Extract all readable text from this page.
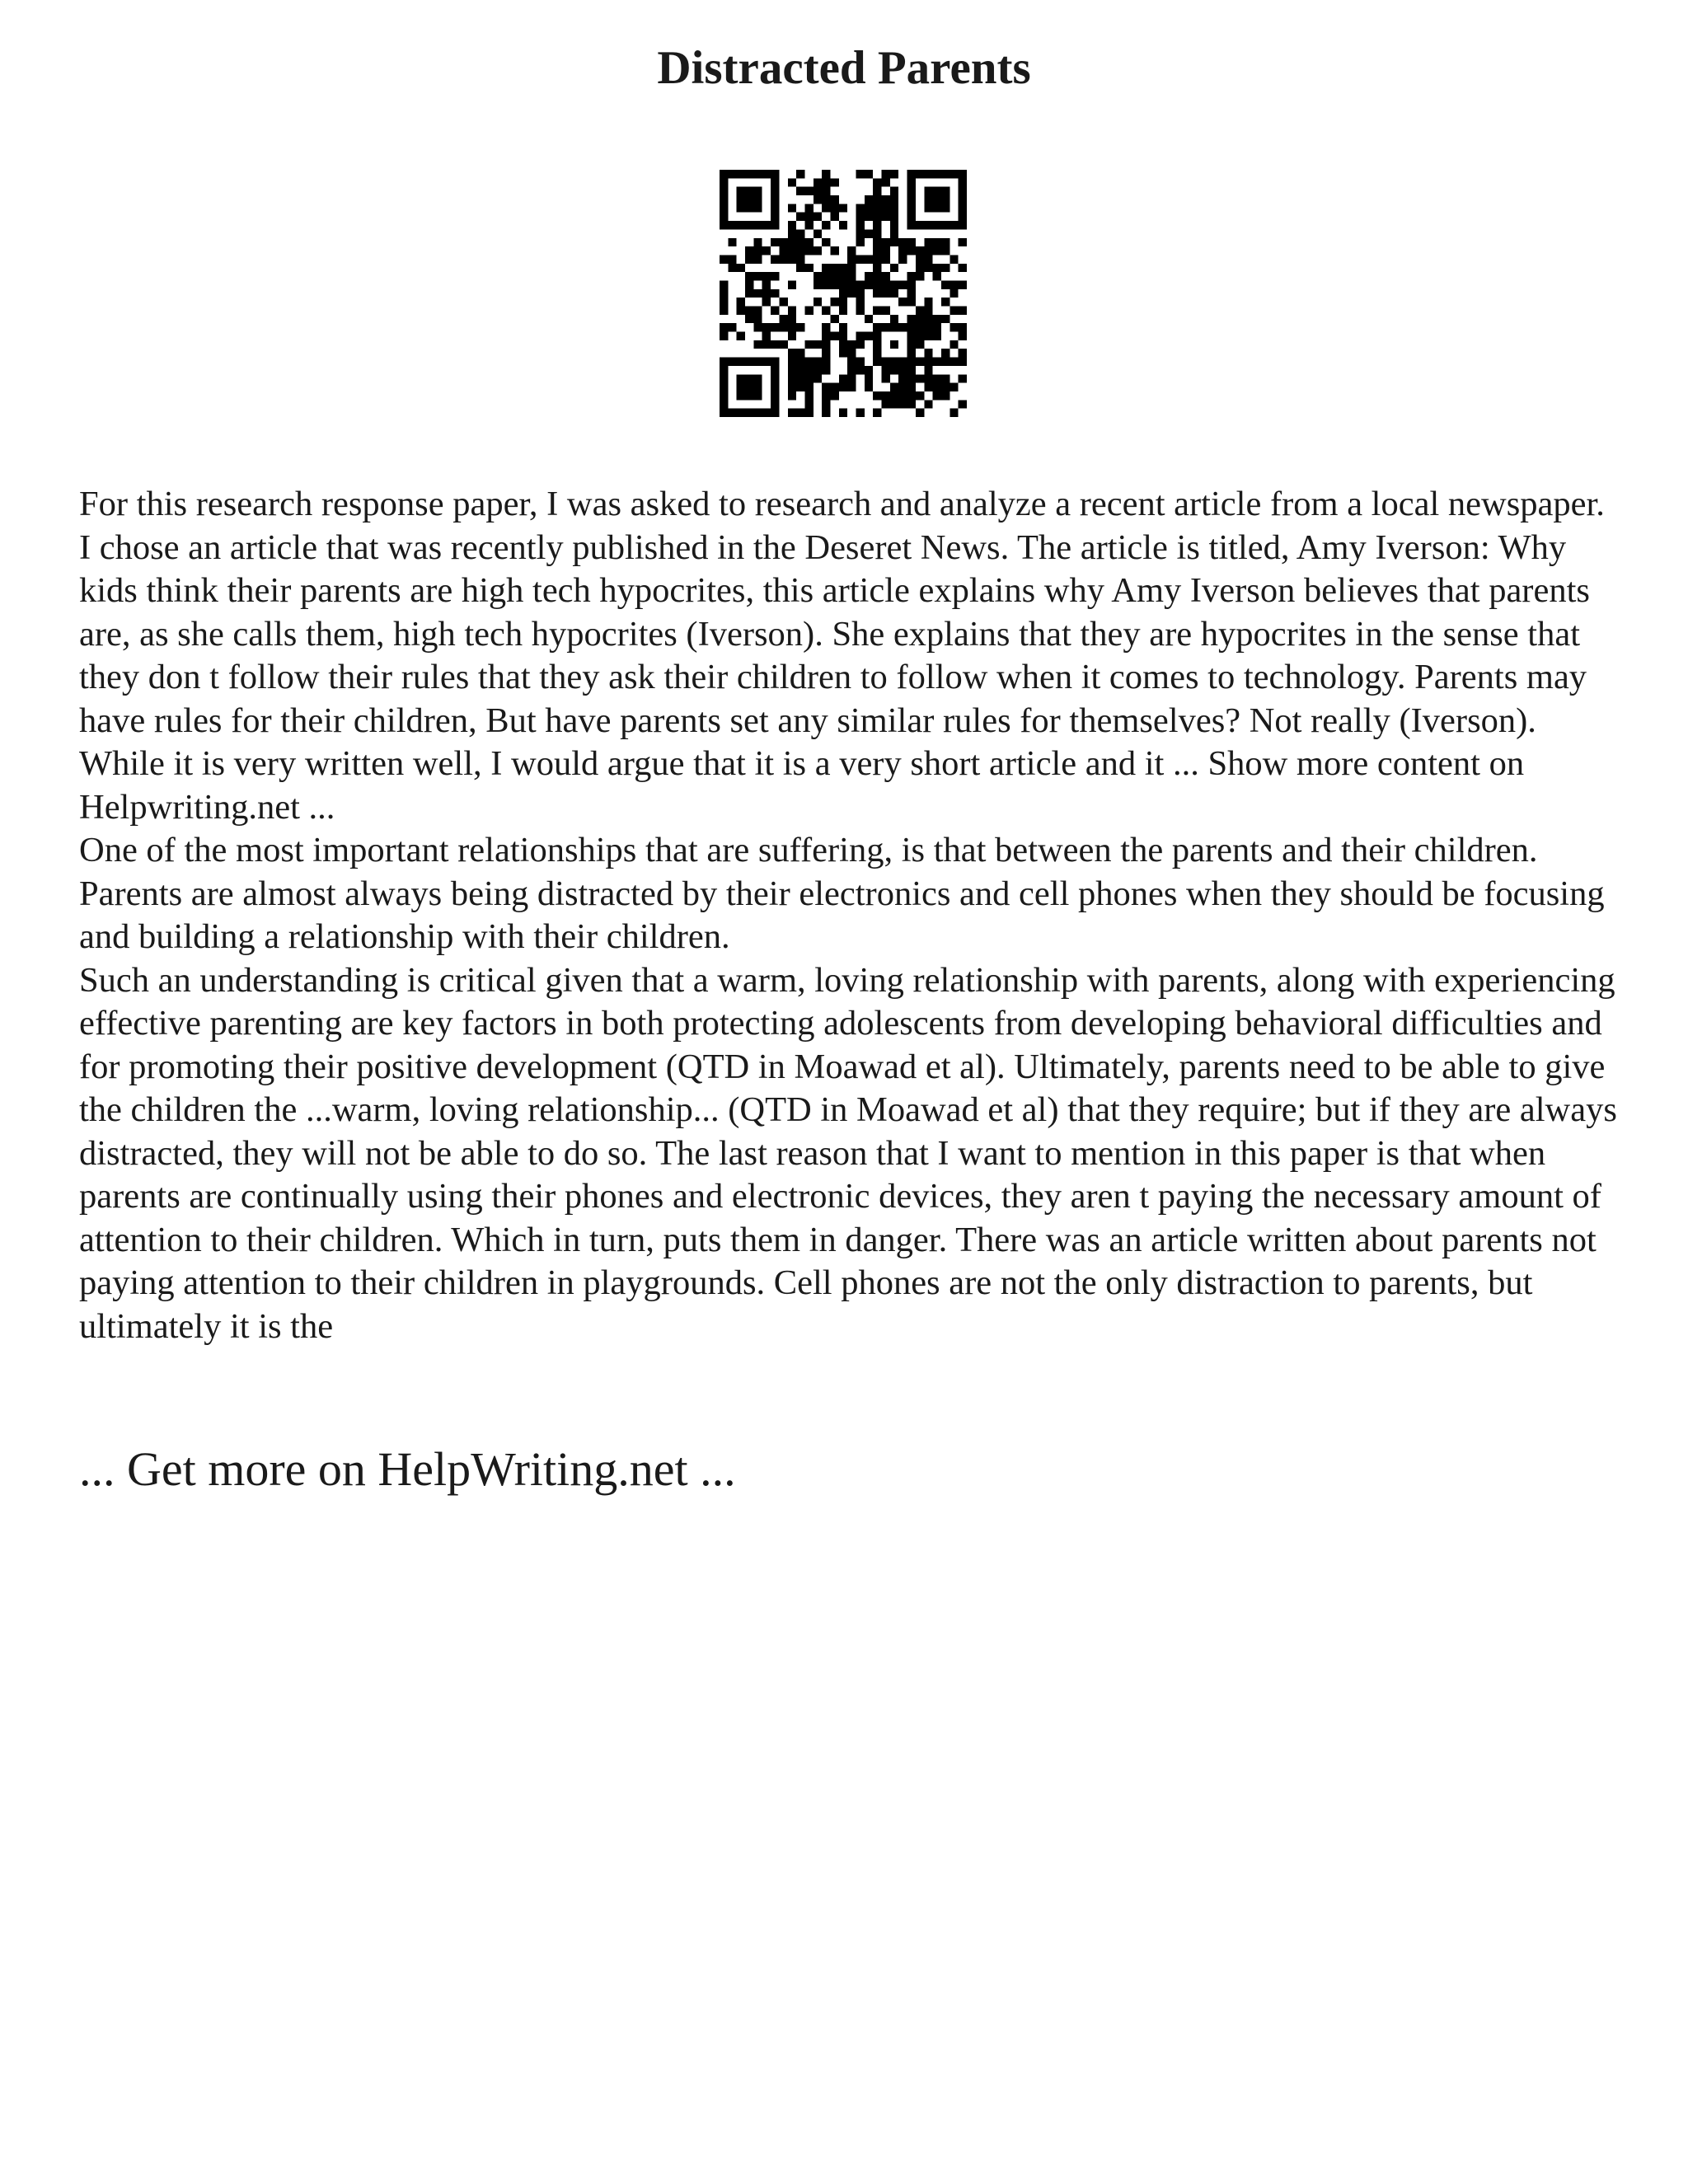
Distracted Parents

For this research response paper, I was asked to research and analyze a recent article from a local newspaper. I chose an article that was recently published in the Deseret News. The article is titled, Amy Iverson: Why kids think their parents are high tech hypocrites, this article explains why Amy Iverson believes that parents are, as she calls them, high tech hypocrites (Iverson). She explains that they are hypocrites in the sense that they don t follow their rules that they ask their children to follow when it comes to technology. Parents may have rules for their children, But have parents set any similar rules for themselves? Not really (Iverson).

While it is very written well, I would argue that it is a very short article and it ... Show more content on Helpwriting.net ...

One of the most important relationships that are suffering, is that between the parents and their children. Parents are almost always being distracted by their electronics and cell phones when they should be focusing and building a relationship with their children.

Such an understanding is critical given that a warm, loving relationship with parents, along with experiencing effective parenting are key factors in both protecting adolescents from developing behavioral difficulties and for promoting their positive development (QTD in Moawad et al). Ultimately, parents need to be able to give the children the ...warm, loving relationship... (QTD in Moawad et al) that they require; but if they are always distracted, they will not be able to do so. The last reason that I want to mention in this paper is that when parents are continually using their phones and electronic devices, they aren t paying the necessary amount of attention to their children. Which in turn, puts them in danger. There was an article written about parents not paying attention to their children in playgrounds. Cell phones are not the only distraction to parents, but ultimately it is the

... Get more on HelpWriting.net ...
